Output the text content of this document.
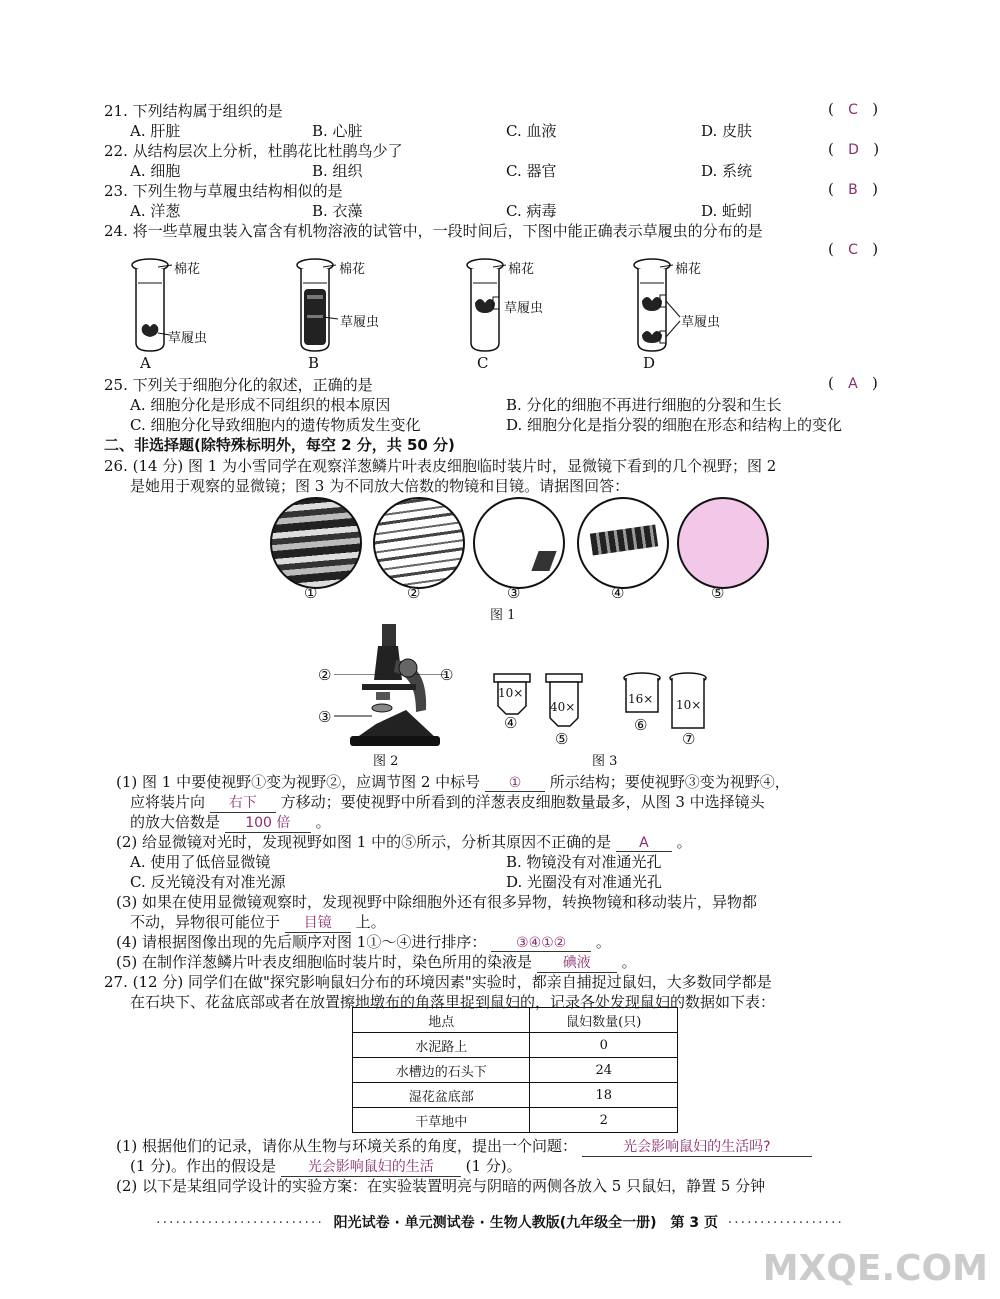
21. 下列结构属于组织的是	(   C   )
A. 肝脏	B. 心脏	C. 血液	D. 皮肤
22. 从结构层次上分析，杜鹃花比杜鹃鸟少了	(   D   )
A. 细胞	B. 组织	C. 器官	D. 系统
23. 下列生物与草履虫结构相似的是	(   B   )
A. 洋葱	B. 衣藻	C. 病毒	D. 蚯蚓
24. 将一些草履虫装入富含有机物溶液的试管中，一段时间后，下图中能正确表示草履虫的分布的是
(   C   )
棉花
草履虫
棉花
草履虫
棉花
草履虫
棉花
草履虫
A	B	C	D
25. 下列关于细胞分化的叙述，正确的是	(   A   )
A. 细胞分化是形成不同组织的根本原因	B. 分化的细胞不再进行细胞的分裂和生长
C. 细胞分化导致细胞内的遗传物质发生变化	D. 细胞分化是指分裂的细胞在形态和结构上的变化
二、非选择题(除特殊标明外，每空 2 分，共 50 分)
26. (14 分) 图 1 为小雪同学在观察洋葱鳞片叶表皮细胞临时装片时，显微镜下看到的几个视野；图 2
是她用于观察的显微镜；图 3 为不同放大倍数的物镜和目镜。请据图回答：
①	②	③	④	⑤
图 1
②	①
③
图 2
10×
40×
16× 10×
④
⑤
⑥
⑦
图 3
(1) 图 1 中要使视野①变为视野②，应调节图 2 中标号 ① 所示结构；要使视野③变为视野④，
应将装片向 右下 方移动；要使视野中所看到的洋葱表皮细胞数量最多，从图 3 中选择镜头
的放大倍数是 100 倍 。
(2) 给显微镜对光时，发现视野如图 1 中的⑤所示，分析其原因不正确的是 A 。
A. 使用了低倍显微镜	B. 物镜没有对准通光孔
C. 反光镜没有对准光源	D. 光圈没有对准通光孔
(3) 如果在使用显微镜观察时，发现视野中除细胞外还有很多异物，转换物镜和移动装片，异物都
不动，异物很可能位于 目镜 上。
(4) 请根据图像出现的先后顺序对图 1①～④进行排序： ③④①② 。
(5) 在制作洋葱鳞片叶表皮细胞临时装片时，染色所用的染液是 碘液 。
27. (12 分) 同学们在做"探究影响鼠妇分布的环境因素"实验时，都亲自捕捉过鼠妇，大多数同学都是
在石块下、花盆底部或者在放置擦地墩布的角落里捉到鼠妇的，记录各处发现鼠妇的数据如下表：
地点	鼠妇数量(只)
水泥路上	0
水槽边的石头下	24
湿花盆底部	18
干草地中	2
(1) 根据他们的记录，请你从生物与环境关系的角度，提出一个问题：	光会影响鼠妇的生活吗?
(1 分)。作出的假设是 光会影响鼠妇的生活 (1 分)。
(2) 以下是某组同学设计的实验方案：在实验装置明亮与阴暗的两侧各放入 5 只鼠妇，静置 5 分钟
·························· 阳光试卷 · 单元测试卷 · 生物人教版(九年级全一册)　第 3 页 ··················
MXQE.COM
